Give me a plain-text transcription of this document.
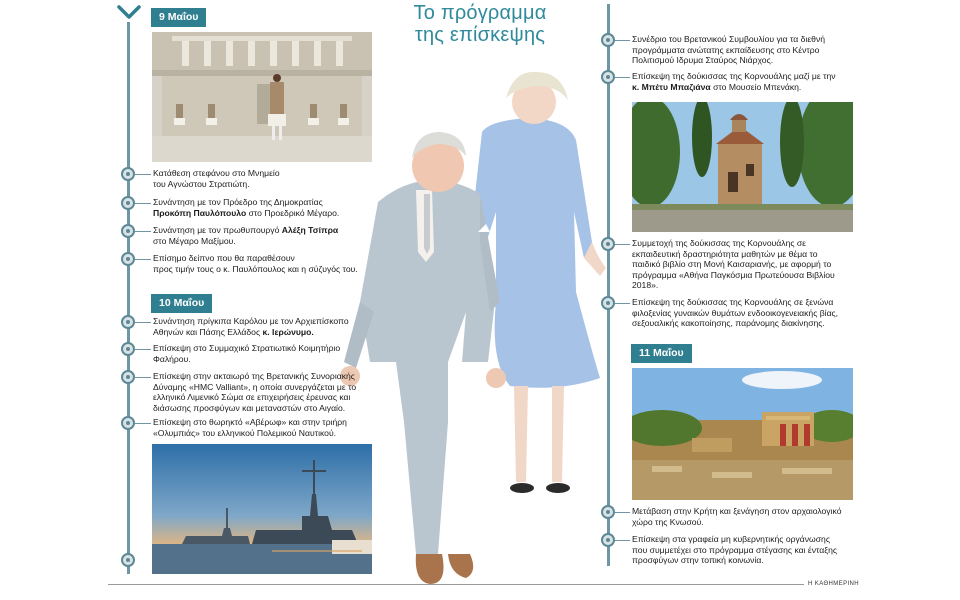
Το πρόγραμμα
της επίσκεψης
9 Μαΐου
10 Μαΐου
11 Μαΐου
Κατάθεση στεφάνου στο Μνημείο
του Αγνώστου Στρατιώτη.
Συνάντηση με τον Πρόεδρο της Δημοκρατίας
Προκόπη Παυλόπουλο στο Προεδρικό Μέγαρο.
Συνάντηση με τον πρωθυπουργό Αλέξη Τσίπρα
στο Μέγαρο Μαξίμου.
Επίσημο δείπνο που θα παραθέσουν
προς τιμήν τους ο κ. Παυλόπουλος και η σύζυγός του.
Συνάντηση πρίγκιπα Καρόλου με τον Αρχιεπίσκοπο
Αθηνών και Πάσης Ελλάδος κ. Ιερώνυμο.
Επίσκεψη στο Συμμαχικό Στρατιωτικό Κοιμητήριο
Φαλήρου.
Επίσκεψη στην ακταιωρό της Βρετανικής Συνοριακής
Δύναμης «HMC Valliant», η οποία συνεργάζεται με το
ελληνικό Λιμενικό Σώμα σε επιχειρήσεις έρευνας και
διάσωσης προσφύγων και μεταναστών στο Αιγαίο.
Επίσκεψη στο θωρηκτό «Αβέρωφ» και στην τριήρη
«Ολυμπιάς» του ελληνικού Πολεμικού Ναυτικού.
Συνέδριο του Βρετανικού Συμβουλίου για τα διεθνή
προγράμματα ανώτατης εκπαίδευσης στο Κέντρο
Πολιτισμού Ιδρυμα Σταύρος Νιάρχος.
Επίσκεψη της δούκισσας της Κορνουάλης μαζί με την
κ. Μπέτυ Μπαζιάνα στο Μουσείο Μπενάκη.
Συμμετοχή της δούκισσας της Κορνουάλης σε
εκπαιδευτική δραστηριότητα μαθητών με θέμα το
παιδικό βιβλίο στη Μονή Καισαριανής, με αφορμή το
πρόγραμμα «Αθήνα Παγκόσμια Πρωτεύουσα Βιβλίου
2018».
Επίσκεψη της δούκισσας της Κορνουάλης σε ξενώνα
φιλοξενίας γυναικών θυμάτων ενδοοικογενειακής βίας,
σεξουαλικής κακοποίησης, παράνομης διακίνησης.
Μετάβαση στην Κρήτη και ξενάγηση στον αρχαιολογικό
χώρο της Κνωσού.
Επίσκεψη στα γραφεία μη κυβερνητικής οργάνωσης
που συμμετέχει στο πρόγραμμα στέγασης και ένταξης
προσφύγων στην τοπική κοινωνία.
Η ΚΑΘΗΜΕΡΙΝΗ
